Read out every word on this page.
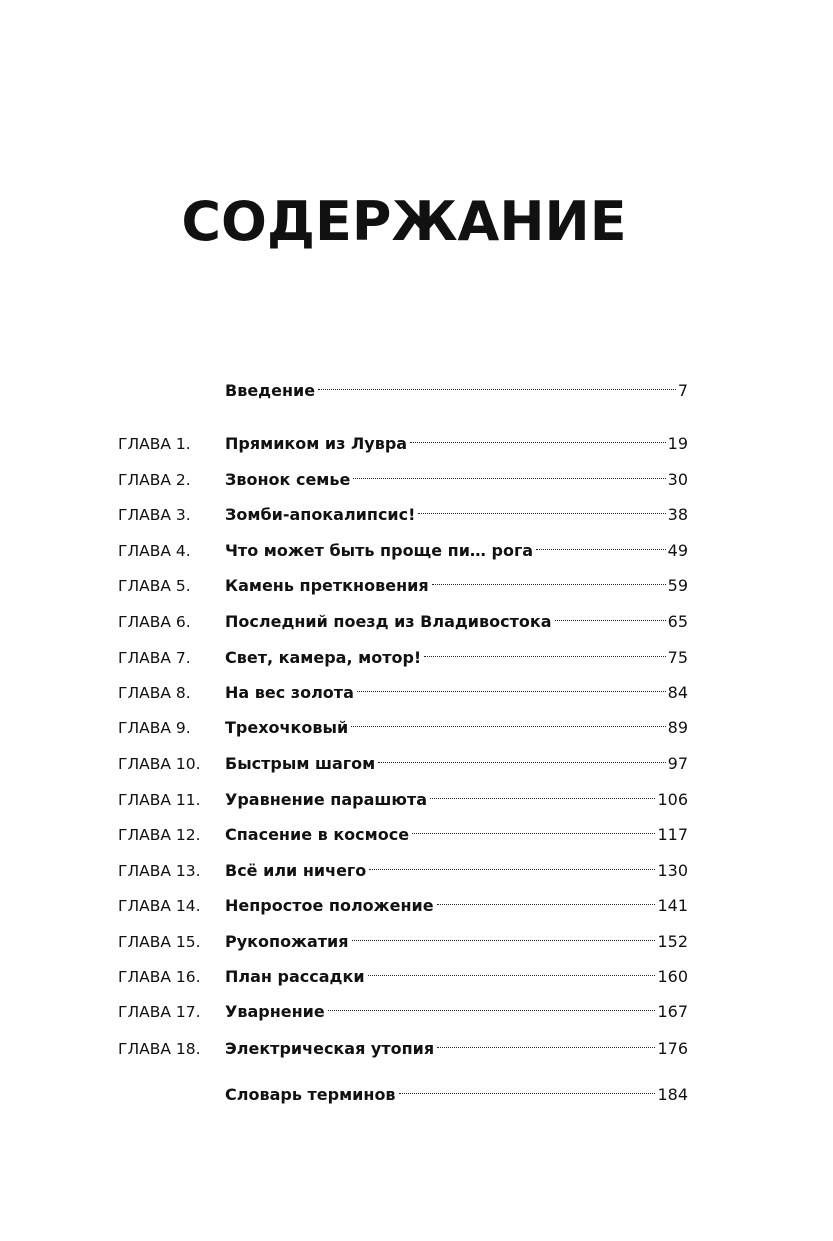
СОДЕРЖАНИЕ
Введение	7
ГЛАВА 1.	Прямиком из Лувра	19
ГЛАВА 2.	Звонок семье	30
ГЛАВА 3.	Зомби-апокалипсис!	38
ГЛАВА 4.	Что может быть проще пи… рога	49
ГЛАВА 5.	Камень преткновения	59
ГЛАВА 6.	Последний поезд из Владивостока	65
ГЛАВА 7.	Свет, камера, мотор!	75
ГЛАВА 8.	На вес золота	84
ГЛАВА 9.	Трехочковый	89
ГЛАВА 10.	Быстрым шагом	97
ГЛАВА 11.	Уравнение парашюта	106
ГЛАВА 12.	Спасение в космосе	117
ГЛАВА 13.	Всё или ничего	130
ГЛАВА 14.	Непростое положение	141
ГЛАВА 15.	Рукопожатия	152
ГЛАВА 16.	План рассадки	160
ГЛАВА 17.	Уварнение	167
ГЛАВА 18.	Электрическая утопия	176
Словарь терминов	184
